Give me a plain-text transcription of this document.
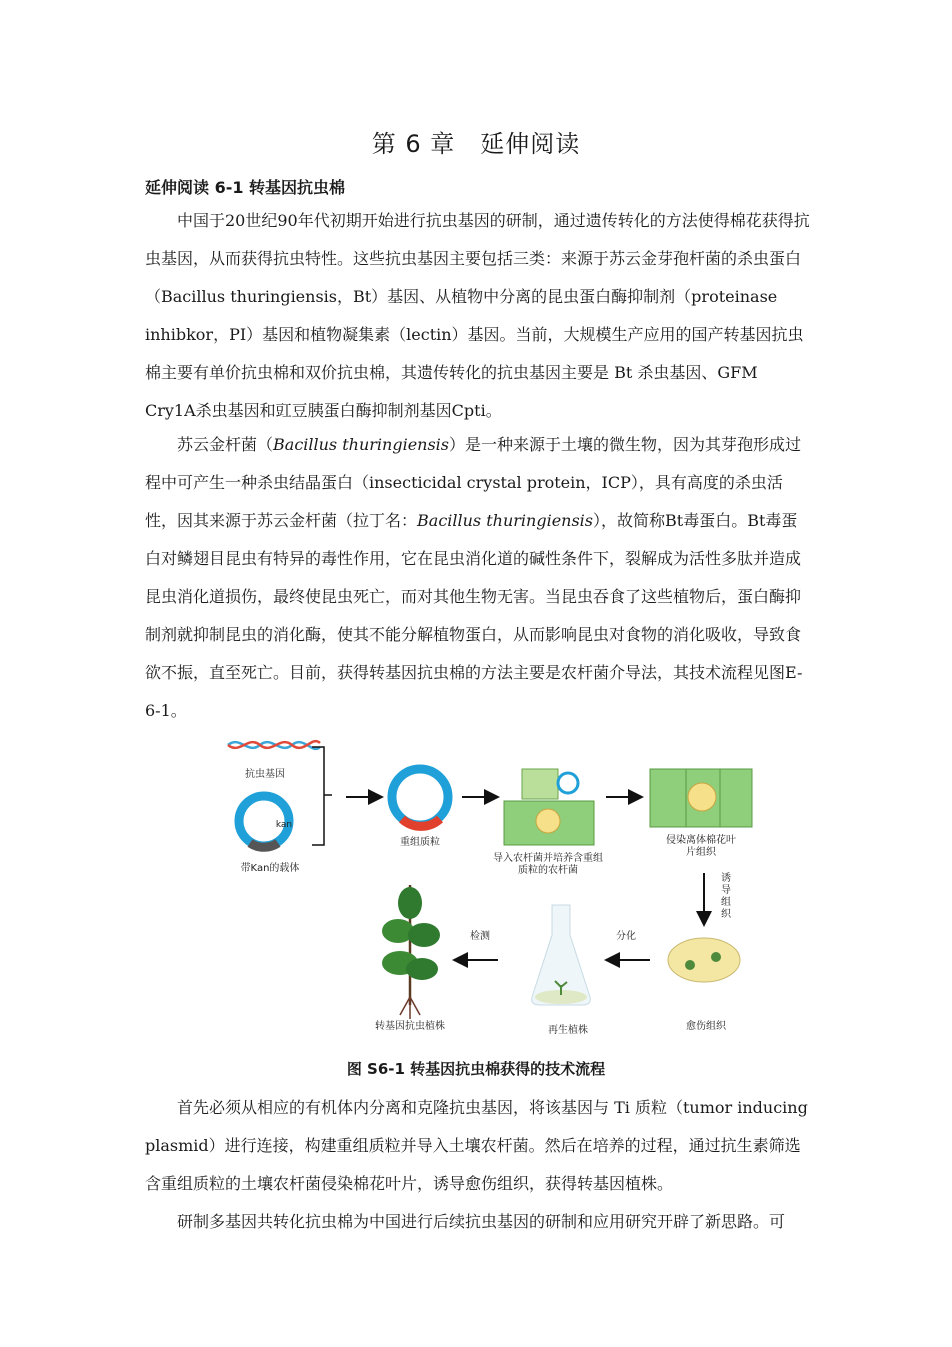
第 6 章　延伸阅读
延伸阅读 6-1 转基因抗虫棉

中国于20世纪90年代初期开始进行抗虫基因的研制，通过遗传转化的方法使得棉花获得抗虫基因，从而获得抗虫特性。这些抗虫基因主要包括三类：来源于苏云金芽孢杆菌的杀虫蛋白（Bacillus thuringiensis，Bt）基因、从植物中分离的昆虫蛋白酶抑制剂（proteinase inhibkor，PI）基因和植物凝集素（lectin）基因。当前，大规模生产应用的国产转基因抗虫棉主要有单价抗虫棉和双价抗虫棉，其遗传转化的抗虫基因主要是 Bt 杀虫基因、GFM Cry1A杀虫基因和豇豆胰蛋白酶抑制剂基因Cpti。

苏云金杆菌（Bacillus thuringiensis）是一种来源于土壤的微生物，因为其芽孢形成过程中可产生一种杀虫结晶蛋白（insecticidal crystal protein，ICP），具有高度的杀虫活性，因其来源于苏云金杆菌（拉丁名：Bacillus thuringiensis），故简称Bt毒蛋白。Bt毒蛋白对鳞翅目昆虫有特异的毒性作用，它在昆虫消化道的碱性条件下，裂解成为活性多肽并造成昆虫消化道损伤，最终使昆虫死亡，而对其他生物无害。当昆虫吞食了这些植物后，蛋白酶抑制剂就抑制昆虫的消化酶，使其不能分解植物蛋白，从而影响昆虫对食物的消化吸收，导致食欲不振，直至死亡。目前，获得转基因抗虫棉的方法主要是农杆菌介导法，其技术流程见图E-6-1。

抗虫基因
kan
带Kan的载体
重组质粒
导入农杆菌并培养含重组
质粒的农杆菌
侵染离体棉花叶
片组织
诱
导
组
织
检测	分化
转基因抗虫植株	再生植株	愈伤组织
图 S6-1 转基因抗虫棉获得的技术流程

首先必须从相应的有机体内分离和克隆抗虫基因，将该基因与 Ti 质粒（tumor inducing plasmid）进行连接，构建重组质粒并导入土壤农杆菌。然后在培养的过程，通过抗生素筛选含重组质粒的土壤农杆菌侵染棉花叶片，诱导愈伤组织，获得转基因植株。

研制多基因共转化抗虫棉为中国进行后续抗虫基因的研制和应用研究开辟了新思路。可
